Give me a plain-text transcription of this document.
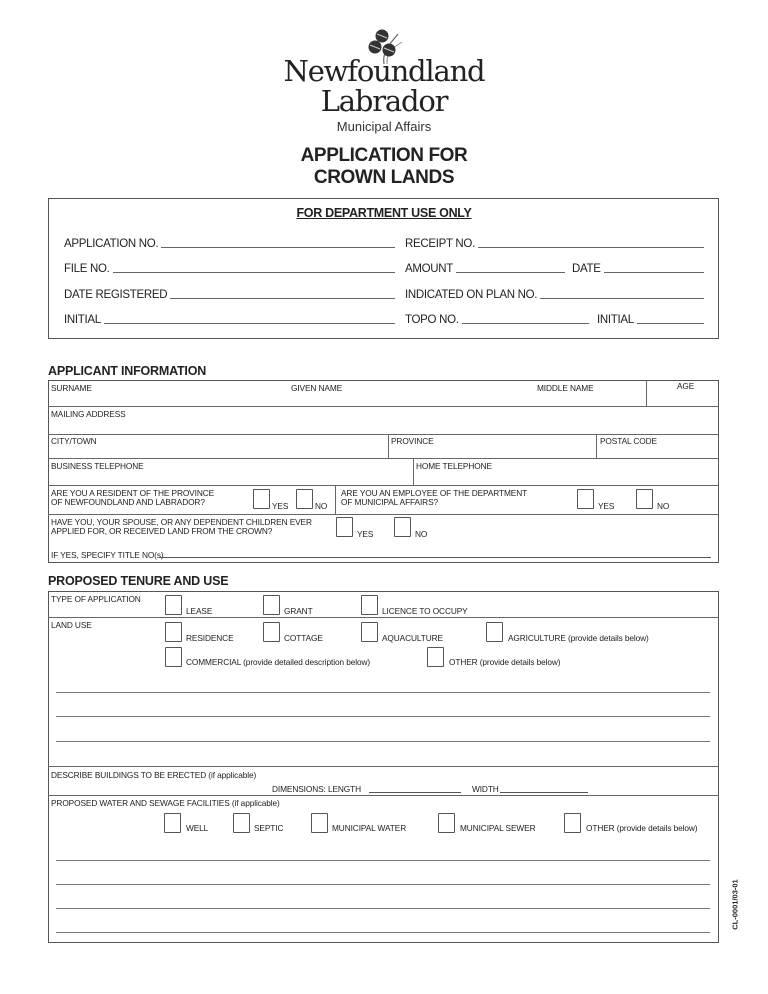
Newfoundland
Labrador
Municipal Affairs
APPLICATION FOR
CROWN LANDS
FOR DEPARTMENT USE ONLY
APPLICATION NO.	RECEIPT NO.
FILE NO.	AMOUNT	DATE
DATE REGISTERED	INDICATED ON PLAN NO.
INITIAL	TOPO NO.	INITIAL
APPLICANT INFORMATION
SURNAME	GIVEN NAME	MIDDLE NAME	AGE
MAILING ADDRESS
CITY/TOWN	PROVINCE	POSTAL CODE
BUSINESS TELEPHONE	HOME TELEPHONE
ARE YOU A RESIDENT OF THE PROVINCE
OF NEWFOUNDLAND AND LABRADOR?	YES	NO
ARE YOU AN EMPLOYEE OF THE DEPARTMENT
OF MUNICIPAL AFFAIRS?	YES	NO
HAVE YOU, YOUR SPOUSE, OR ANY DEPENDENT CHILDREN EVER
APPLIED FOR, OR RECEIVED LAND FROM THE CROWN?	YES	NO
IF YES, SPECIFY TITLE NO(s).
PROPOSED TENURE AND USE
TYPE OF APPLICATION
LEASE	GRANT	LICENCE TO OCCUPY
LAND USE
RESIDENCE	COTTAGE	AQUACULTURE	AGRICULTURE (provide details below)
COMMERCIAL (provide detailed description below)	OTHER (provide details below)
DESCRIBE BUILDINGS TO BE ERECTED (if applicable)
DIMENSIONS: LENGTH	WIDTH
PROPOSED WATER AND SEWAGE FACILITIES (if applicable)
WELL	SEPTIC	MUNICIPAL WATER	MUNICIPAL SEWER	OTHER (provide details below)
CL-0001/03-01
